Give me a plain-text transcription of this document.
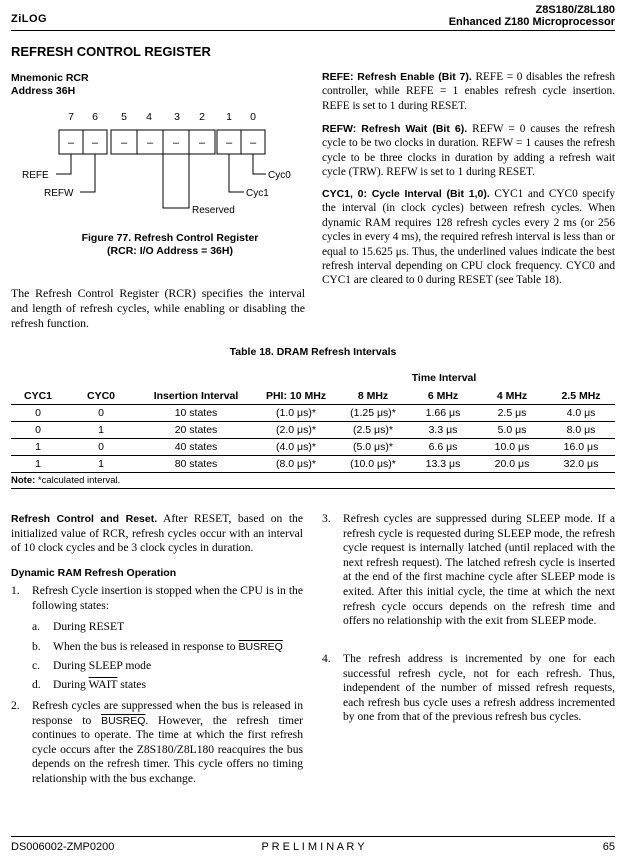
ZiLOG
Z8S180/Z8L180
Enhanced Z180 Microprocessor
REFRESH CONTROL REGISTER
Mnemonic RCR
Address 36H
7 6 5 4 3 2 1 0
– – – – – – – –
REFE
REFW
Reserved
Cyc1
Cyc0
Figure 77. Refresh Control Register
(RCR: I/O Address = 36H)
The Refresh Control Register (RCR) specifies the interval and length of refresh cycles, while enabling or disabling the refresh function.
REFE: Refresh Enable (Bit 7). REFE = 0 disables the refresh controller, while REFE = 1 enables refresh cycle insertion. REFE is set to 1 during RESET.
REFW: Refresh Wait (Bit 6). REFW = 0 causes the refresh cycle to be two clocks in duration. REFW = 1 causes the refresh cycle to be three clocks in duration by adding a refresh wait cycle (TRW). REFW is set to 1 during RESET.
CYC1, 0: Cycle Interval (Bit 1,0). CYC1 and CYC0 specify the interval (in clock cycles) between refresh cycles. When dynamic RAM requires 128 refresh cycles every 2 ms (or 256 cycles in every 4 ms), the required refresh interval is less than or equal to 15.625 μs. Thus, the underlined values indicate the best refresh interval depending on CPU clock frequency. CYC0 and CYC1 are cleared to 0 during RESET (see Table 18).
Table 18. DRAM Refresh Intervals
			Time Interval				
CYC1	CYC0	Insertion Interval	PHI: 10 MHz	8 MHz	6 MHz	4 MHz	2.5 MHz
0	0	10 states	(1.0 μs)*	(1.25 μs)*	1.66 μs	2.5 μs	4.0 μs
0	1	20 states	(2.0 μs)*	(2.5 μs)*	3.3 μs	5.0 μs	8.0 μs
1	0	40 states	(4.0 μs)*	(5.0 μs)*	6.6 μs	10.0 μs	16.0 μs
1	1	80 states	(8.0 μs)*	(10.0 μs)*	13.3 μs	20.0 μs	32.0 μs
Note: *calculated interval.							
Refresh Control and Reset. After RESET, based on the initialized value of RCR, refresh cycles occur with an interval of 10 clock cycles and be 3 clock cycles in duration.
Dynamic RAM Refresh Operation
1. Refresh Cycle insertion is stopped when the CPU is in the following states:
a. During RESET
b. When the bus is released in response to BUSREQ
c. During SLEEP mode
d. During WAIT states
2. Refresh cycles are suppressed when the bus is released in response to BUSREQ. However, the refresh timer continues to operate. The time at which the first refresh cycle occurs after the Z8S180/Z8L180 reacquires the bus depends on the refresh timer. This cycle offers no timing relationship with the bus exchange.
3. Refresh cycles are suppressed during SLEEP mode. If a refresh cycle is requested during SLEEP mode, the refresh cycle request is internally latched (until replaced with the next refresh request). The latched refresh cycle is inserted at the end of the first machine cycle after SLEEP mode is exited. After this initial cycle, the time at which the next refresh cycle occurs depends on the refresh time and offers no relationship with the exit from SLEEP mode.
4. The refresh address is incremented by one for each successful refresh cycle, not for each refresh. Thus, independent of the number of missed refresh requests, each refresh bus cycle uses a refresh address incremented by one from that of the previous refresh bus cycles.
DS006002-ZMP0200	P R E L I M I N A R Y	65
